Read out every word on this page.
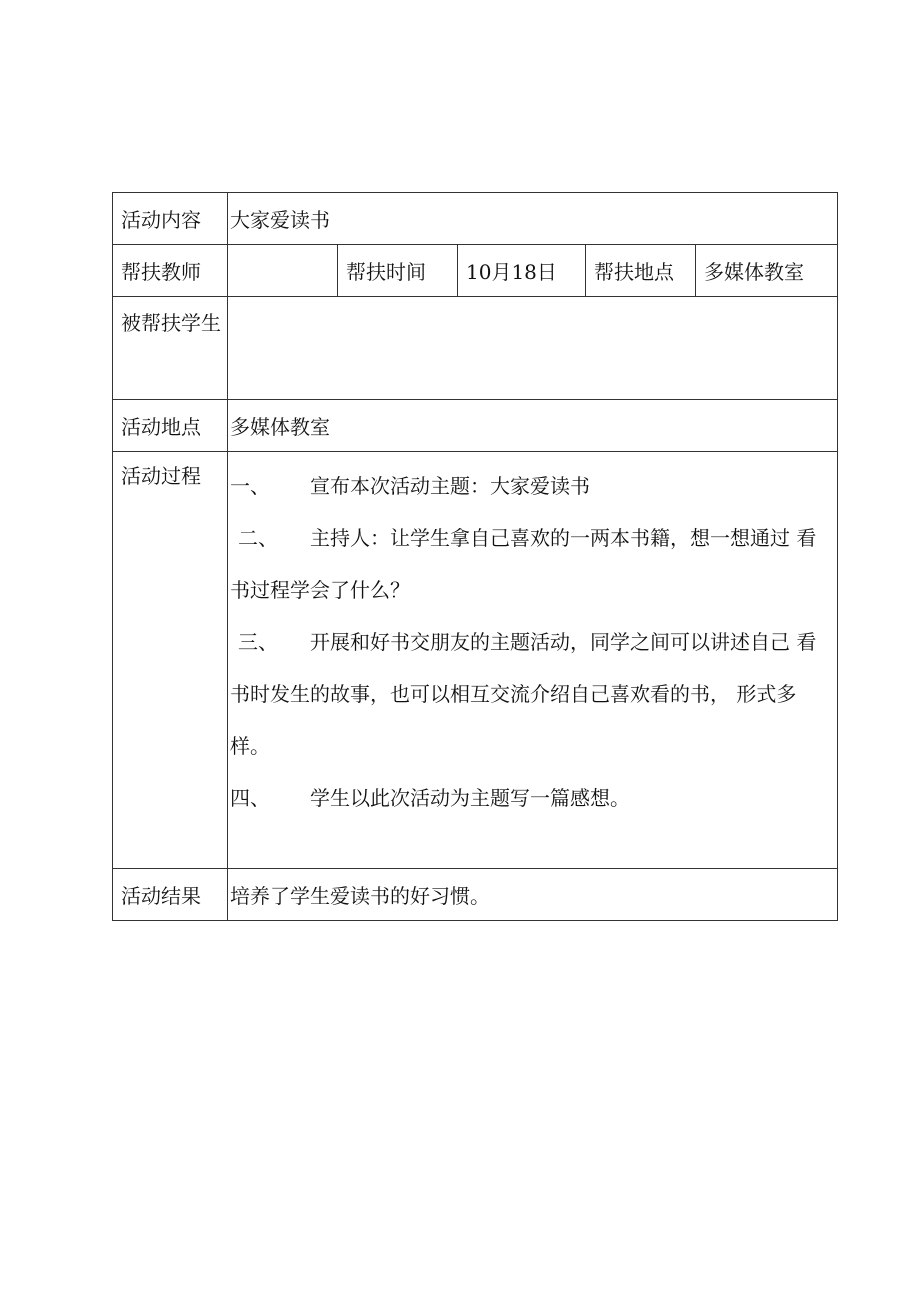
活动内容	大家爱读书				
帮扶教师		帮扶时间	10月18日	帮扶地点	多媒体教室
被帮扶学生					
活动地点	多媒体教室				
活动过程	一、 宣布本次活动主题：大家爱读书
二、 主持人：让学生拿自己喜欢的一两本书籍，想一想通过 看书过程学会了什么？
三、 开展和好书交朋友的主题活动，同学之间可以讲述自己 看书时发生的故事，也可以相互交流介绍自己喜欢看的书， 形式多样。
四、 学生以此次活动为主题写一篇感想。				

活动结果	培养了学生爱读书的好习惯。				
